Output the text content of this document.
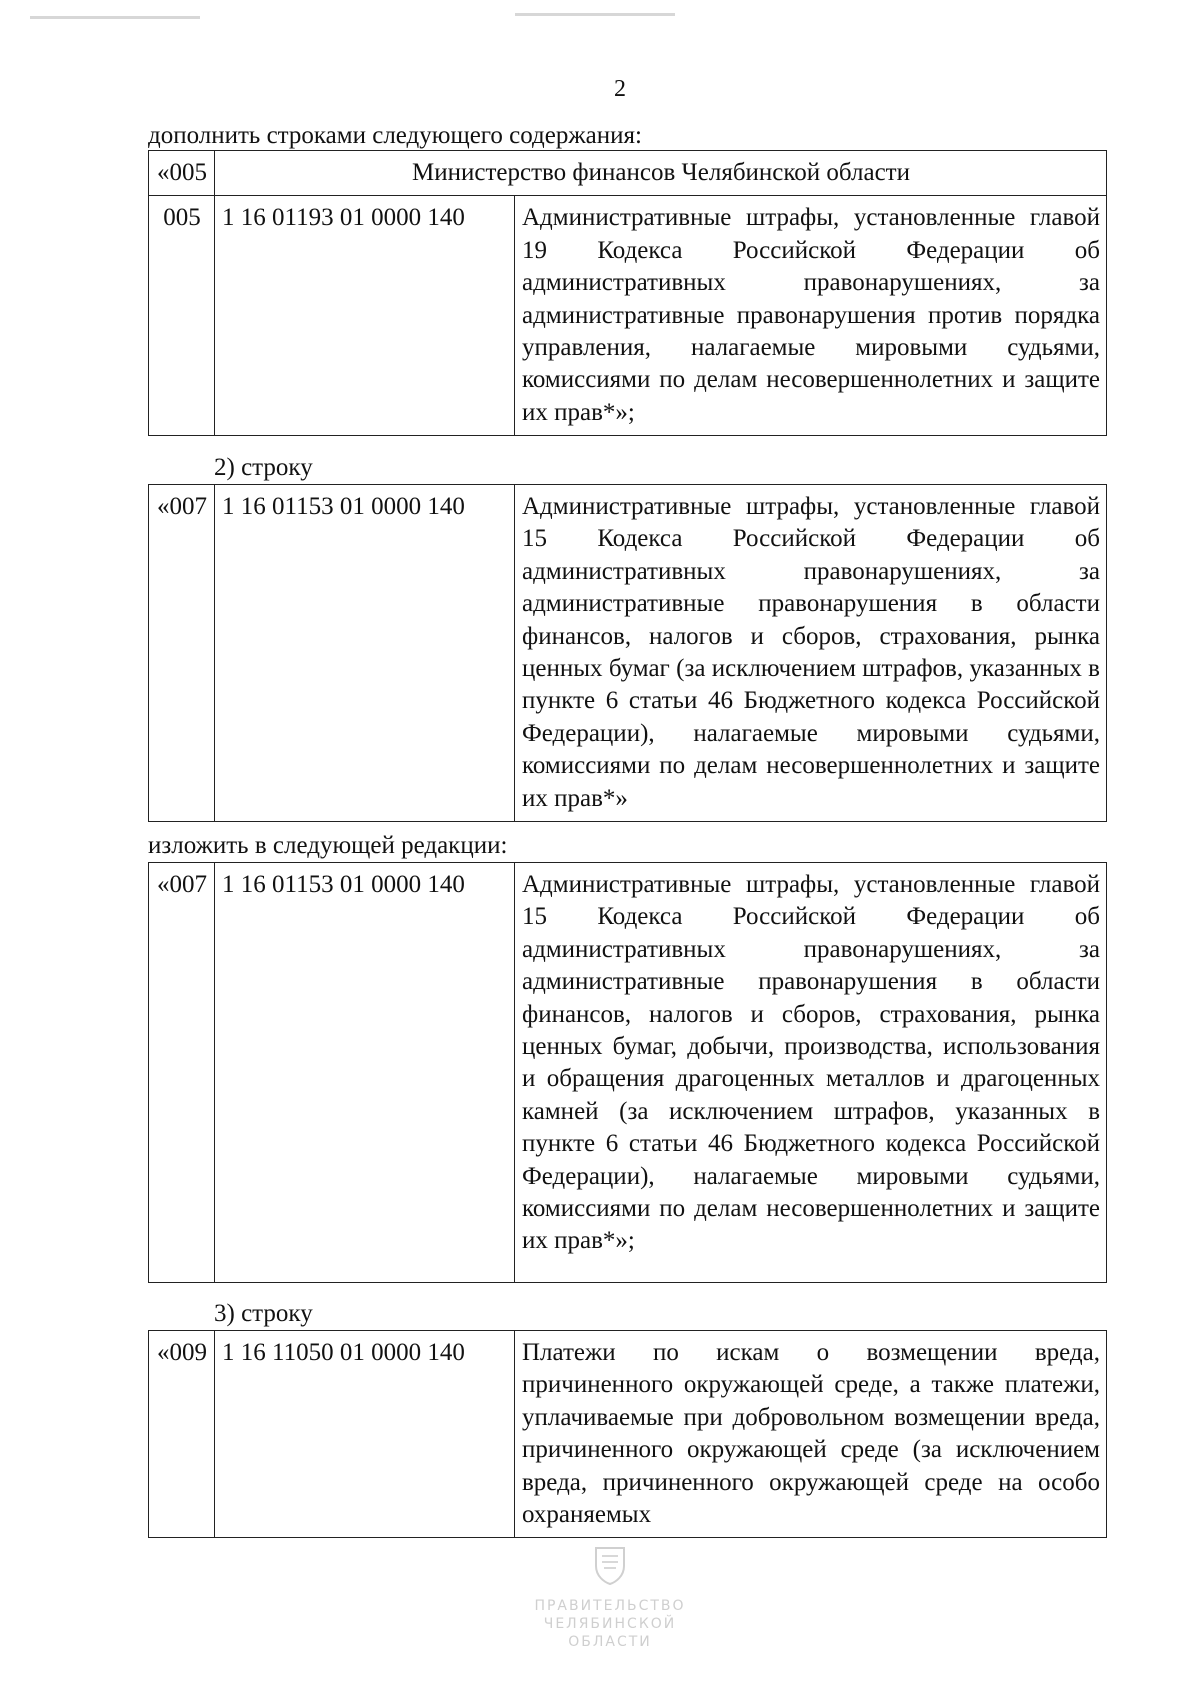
2
дополнить строками следующего содержания:
«005	Министерство финансов Челябинской области	
005	1 16 01193 01 0000 140	Административные штрафы, установленные главой 19 Кодекса Российской Федерации об административных правонарушениях, за административные правонарушения против порядка управления, налагаемые мировыми судьями, комиссиями по делам несовершеннолетних и защите их прав*»;
2) строку
«007	1 16 01153 01 0000 140	Административные штрафы, установленные главой 15 Кодекса Российской Федерации об административных правонарушениях, за административные правонарушения в области финансов, налогов и сборов, страхования, рынка ценных бумаг (за исключением штрафов, указанных в пункте 6 статьи 46 Бюджетного кодекса Российской Федерации), налагаемые мировыми судьями, комиссиями по делам несовершеннолетних и защите их прав*»
изложить в следующей редакции:
«007	1 16 01153 01 0000 140	Административные штрафы, установленные главой 15 Кодекса Российской Федерации об административных правонарушениях, за административные правонарушения в области финансов, налогов и сборов, страхования, рынка ценных бумаг, добычи, производства, использования и обращения драгоценных металлов и драгоценных камней (за исключением штрафов, указанных в пункте 6 статьи 46 Бюджетного кодекса Российской Федерации), налагаемые мировыми судьями, комиссиями по делам несовершеннолетних и защите их прав*»;
3) строку
«009	1 16 11050 01 0000 140	Платежи по искам о возмещении вреда, причиненного окружающей среде, а также платежи, уплачиваемые при добровольном возмещении вреда, причиненного окружающей среде (за исключением вреда, причиненного окружающей среде на особо охраняемых
ПРАВИТЕЛЬСТВО
ЧЕЛЯБИНСКОЙ ОБЛАСТИ
